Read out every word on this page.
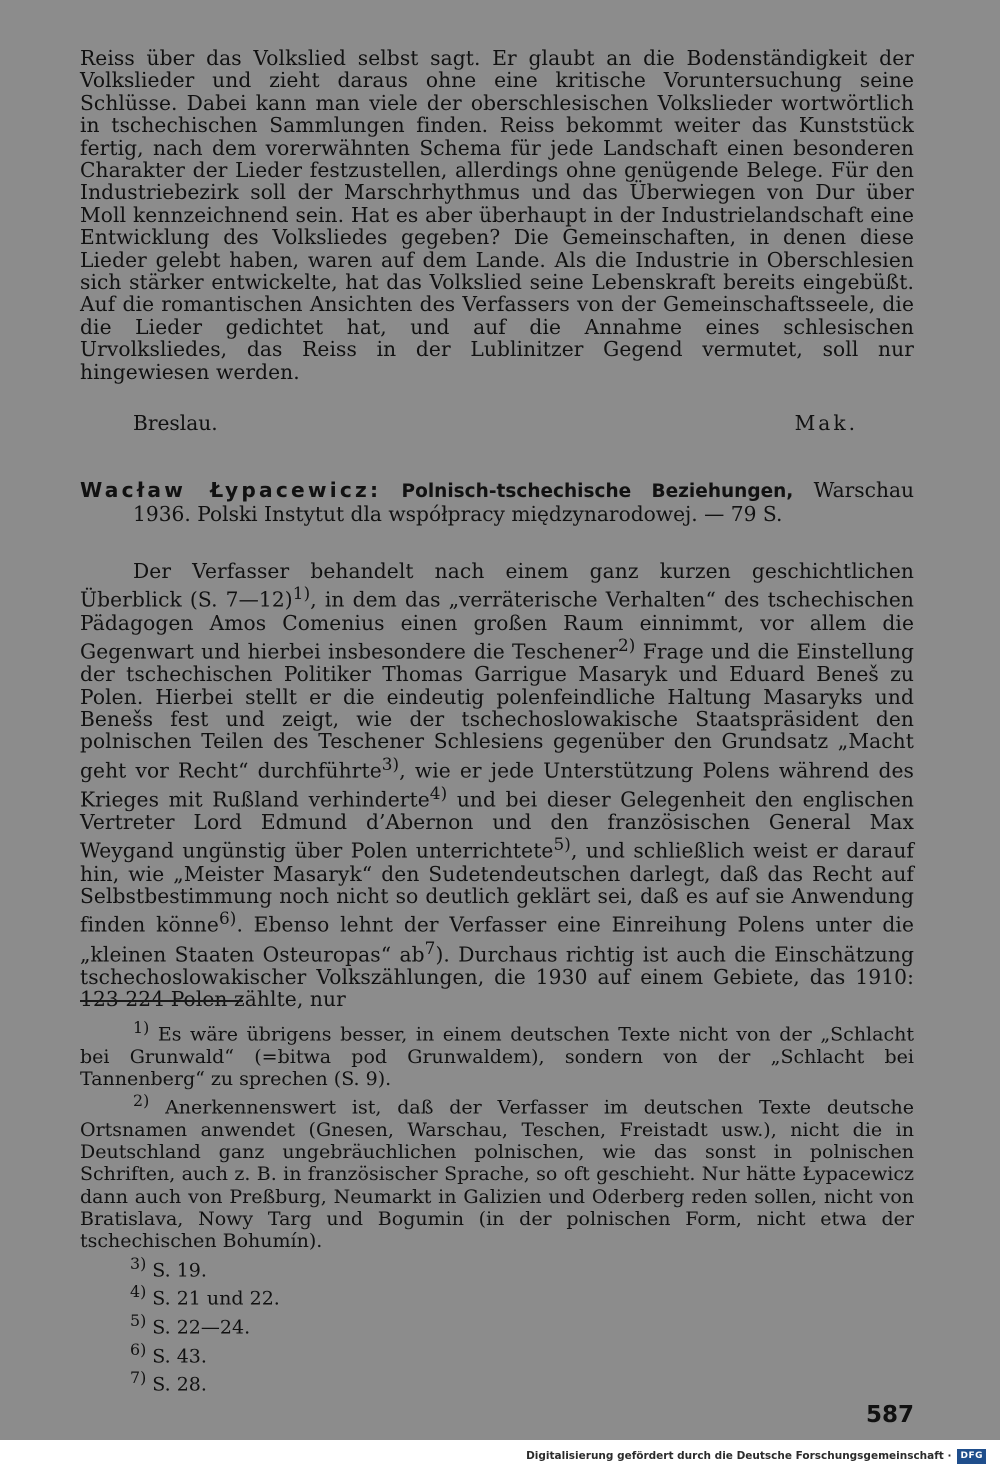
Reiss über das Volkslied selbst sagt. Er glaubt an die Bodenständigkeit der Volkslieder und zieht daraus ohne eine kritische Voruntersuchung seine Schlüsse. Dabei kann man viele der oberschlesischen Volkslieder wortwörtlich in tschechischen Sammlungen finden. Reiss bekommt weiter das Kunststück fertig, nach dem vorerwähnten Schema für jede Landschaft einen besonderen Charakter der Lieder festzustellen, allerdings ohne genügende Belege. Für den Industriebezirk soll der Marschrhythmus und das Überwiegen von Dur über Moll kennzeichnend sein. Hat es aber überhaupt in der Industrielandschaft eine Entwicklung des Volksliedes gegeben? Die Gemeinschaften, in denen diese Lieder gelebt haben, waren auf dem Lande. Als die Industrie in Oberschlesien sich stärker entwickelte, hat das Volkslied seine Lebenskraft bereits eingebüßt. Auf die romantischen Ansichten des Verfassers von der Gemeinschaftsseele, die die Lieder gedichtet hat, und auf die Annahme eines schlesischen Urvolksliedes, das Reiss in der Lublinitzer Gegend vermutet, soll nur hingewiesen werden.

Breslau.	Mak.
Wacław Łypacewicz: Polnisch-tschechische Beziehungen, Warschau 1936. Polski Instytut dla współpracy międzynarodowej. — 79 S.

Der Verfasser behandelt nach einem ganz kurzen geschichtlichen Überblick (S. 7—12)$^{1)}$, in dem das „verräterische Verhalten“ des tschechischen Pädagogen Amos Comenius einen großen Raum einnimmt, vor allem die Gegenwart und hierbei insbesondere die Teschener$^{2)}$ Frage und die Einstellung der tschechischen Politiker Thomas Garrigue Masaryk und Eduard Beneš zu Polen. Hierbei stellt er die eindeutig polenfeindliche Haltung Masaryks und Benešs fest und zeigt, wie der tschechoslowakische Staatspräsident den polnischen Teilen des Teschener Schlesiens gegenüber den Grundsatz „Macht geht vor Recht“ durchführte$^{3)}$, wie er jede Unterstützung Polens während des Krieges mit Rußland verhinderte$^{4)}$ und bei dieser Gelegenheit den englischen Vertreter Lord Edmund d’Abernon und den französischen General Max Weygand ungünstig über Polen unterrichtete$^{5)}$, und schließlich weist er darauf hin, wie „Meister Masaryk“ den Sudetendeutschen darlegt, daß das Recht auf Selbstbestimmung noch nicht so deutlich geklärt sei, daß es auf sie Anwendung finden könne$^{6)}$. Ebenso lehnt der Verfasser eine Einreihung Polens unter die „kleinen Staaten Osteuropas“ $ab^7$). Durchaus richtig ist auch die Einschätzung tschechoslowakischer Volkszählungen, die 1930 auf einem Gebiete, das 1910: 123 224 Polen zählte, nur

$^{1)}$ Es wäre übrigens besser, in einem deutschen Texte nicht von der „Schlacht bei Grunwald“ (=bitwa pod Grunwaldem), sondern von der „Schlacht bei Tannenberg“ zu sprechen (S. 9).

$^{2)}$ Anerkennenswert ist, daß der Verfasser im deutschen Texte deutsche Ortsnamen anwendet (Gnesen, Warschau, Teschen, Freistadt usw.), nicht die in Deutschland ganz ungebräuchlichen polnischen, wie das sonst in polnischen Schriften, auch z. B. in französischer Sprache, so oft geschieht. Nur hätte Łypacewicz dann auch von Preßburg, Neumarkt in Galizien und Oderberg reden sollen, nicht von Bratislava, Nowy Targ und Bogumin (in der polnischen Form, nicht etwa der tschechischen Bohumín).

$^{3)}$ S. 19.

$^{4)}$ S. 21 und 22.

$^{5)}$ S. 22—24.

$^{6)}$ S. 43.

$^{7)}$ S. 28.

587
Digitalisierung gefördert durch die Deutsche Forschungsgemeinschaft ·	DFG
